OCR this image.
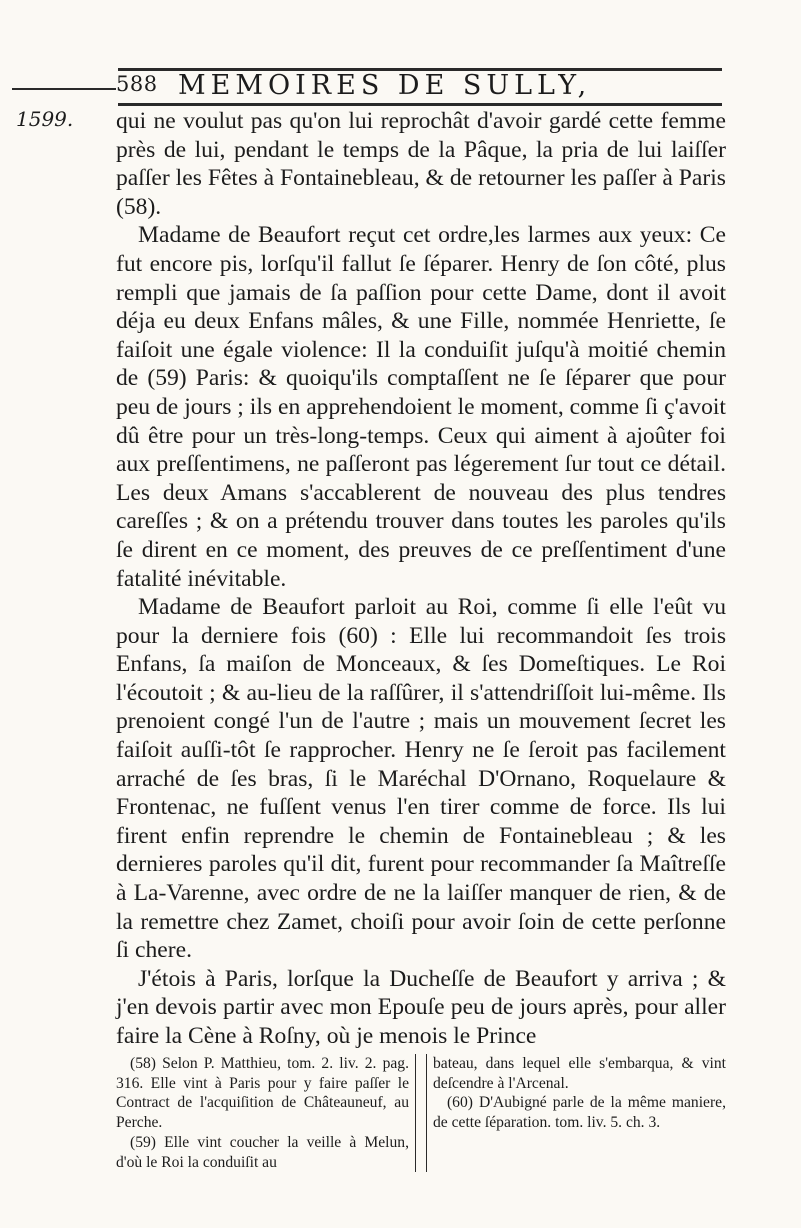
588 MEMOIRES DE SULLY,
1599. qui ne voulut pas qu'on lui reprochât d'avoir gardé cette femme près de lui, pendant le temps de la Pâque, la pria de lui laiſſer paſſer les Fêtes à Fontainebleau, & de retourner les paſſer à Paris (58).

Madame de Beaufort reçut cet ordre,les larmes aux yeux: Ce fut encore pis, lorſqu'il fallut ſe ſéparer. Henry de ſon côté, plus rempli que jamais de ſa paſſion pour cette Dame, dont il avoit déja eu deux Enfans mâles, & une Fille, nommée Henriette, ſe faiſoit une égale violence: Il la conduiſit juſqu'à moitié chemin de (59) Paris: & quoiqu'ils comptaſſent ne ſe ſéparer que pour peu de jours ; ils en apprehendoient le moment, comme ſi ç'avoit dû être pour un très-long-temps. Ceux qui aiment à ajoûter foi aux preſſentimens, ne paſſeront pas légerement ſur tout ce détail. Les deux Amans s'accablerent de nouveau des plus tendres careſſes ; & on a prétendu trouver dans toutes les paroles qu'ils ſe dirent en ce moment, des preuves de ce preſſentiment d'une fatalité inévitable.

Madame de Beaufort parloit au Roi, comme ſi elle l'eût vu pour la derniere fois (60) : Elle lui recommandoit ſes trois Enfans, ſa maiſon de Monceaux, & ſes Domeſtiques. Le Roi l'écoutoit ; & au-lieu de la raſſûrer, il s'attendriſſoit lui-même. Ils prenoient congé l'un de l'autre ; mais un mouvement ſecret les faiſoit auſſi-tôt ſe rapprocher. Henry ne ſe ſeroit pas facilement arraché de ſes bras, ſi le Maréchal D'Ornano, Roquelaure & Frontenac, ne fuſſent venus l'en tirer comme de force. Ils lui firent enfin reprendre le chemin de Fontainebleau ; & les dernieres paroles qu'il dit, furent pour recommander ſa Maîtreſſe à La-Varenne, avec ordre de ne la laiſſer manquer de rien, & de la remettre chez Zamet, choiſi pour avoir ſoin de cette perſonne ſi chere.

J'étois à Paris, lorſque la Ducheſſe de Beaufort y arriva ; & j'en devois partir avec mon Epouſe peu de jours après, pour aller faire la Cène à Roſny, où je menois le Prince

(58) Selon P. Matthieu, tom. 2. liv. 2. pag. 316. Elle vint à Paris pour y faire paſſer le Contract de l'acquiſition de Châteauneuf, au Perche.

(59) Elle vint coucher la veille à Melun, d'où le Roi la conduiſit au

bateau, dans lequel elle s'embarqua, & vint deſcendre à l'Arcenal.

(60) D'Aubigné parle de la même maniere, de cette ſéparation. tom. liv. 5. ch. 3.
